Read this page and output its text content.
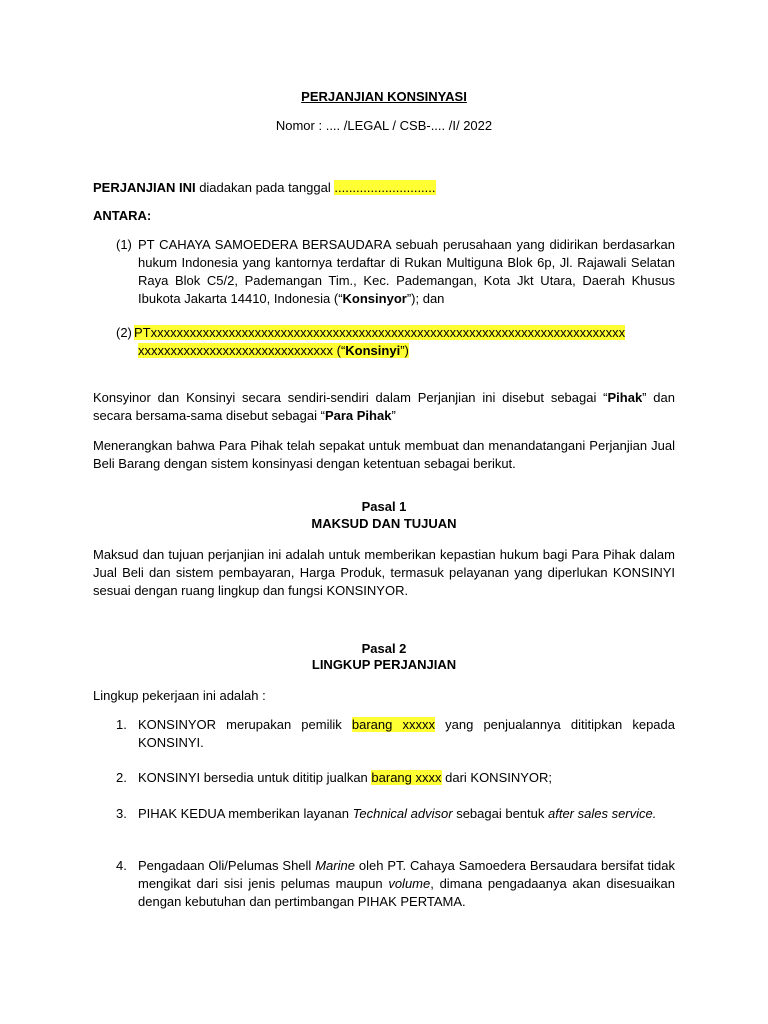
PERJANJIAN KONSINYASI
Nomor : .... /LEGAL / CSB-.... /I/ 2022
PERJANJIAN INI diadakan pada tanggal ............................
ANTARA:
(1) PT CAHAYA SAMOEDERA BERSAUDARA sebuah perusahaan yang didirikan berdasarkan hukum Indonesia yang kantornya terdaftar di Rukan Multiguna Blok 6p, Jl. Rajawali Selatan Raya Blok C5/2, Pademangan Tim., Kec. Pademangan, Kota Jkt Utara, Daerah Khusus Ibukota Jakarta 14410, Indonesia (“Konsinyor”); dan
(2) PTxxxxxxxxxxxxxxxxxxxxxxxxxxxxxxxxxxxxxxxxxxxxxxxxxxxxxxxxxxxxxxxxxxxxxxxxx
xxxxxxxxxxxxxxxxxxxxxxxxxxxxxx (“Konsinyi”)
Konsyinor dan Konsinyi secara sendiri-sendiri dalam Perjanjian ini disebut sebagai “Pihak” dan secara bersama-sama disebut sebagai “Para Pihak”
Menerangkan bahwa Para Pihak telah sepakat untuk membuat dan menandatangani Perjanjian Jual Beli Barang dengan sistem konsinyasi dengan ketentuan sebagai berikut.
Pasal 1
MAKSUD DAN TUJUAN
Maksud dan tujuan perjanjian ini adalah untuk memberikan kepastian hukum bagi Para Pihak dalam Jual Beli dan sistem pembayaran, Harga Produk, termasuk pelayanan yang diperlukan KONSINYI sesuai dengan ruang lingkup dan fungsi KONSINYOR.
Pasal 2
LINGKUP PERJANJIAN
Lingkup pekerjaan ini adalah :
1. KONSINYOR merupakan pemilik barang xxxxx yang penjualannya dititipkan kepada KONSINYI.
2. KONSINYI bersedia untuk dititip jualkan barang xxxx dari KONSINYOR;
3. PIHAK KEDUA memberikan layanan Technical advisor sebagai bentuk after sales service.
4. Pengadaan Oli/Pelumas Shell Marine oleh PT. Cahaya Samoedera Bersaudara bersifat tidak mengikat dari sisi jenis pelumas maupun volume, dimana pengadaanya akan disesuaikan dengan kebutuhan dan pertimbangan PIHAK PERTAMA.
